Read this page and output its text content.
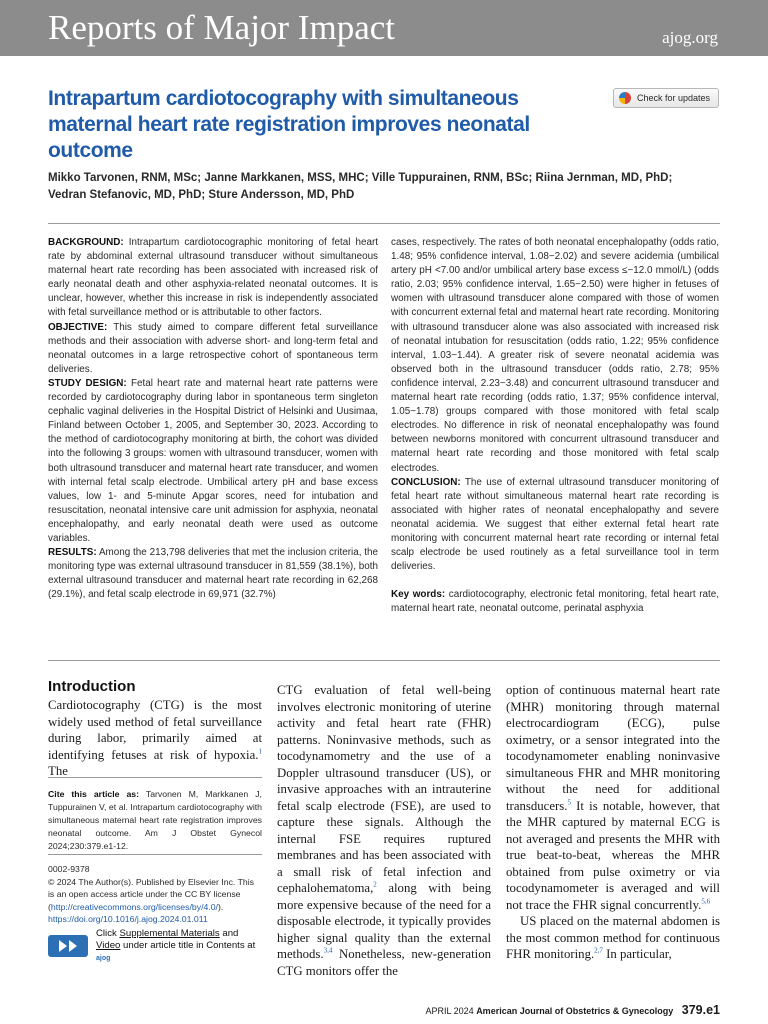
Reports of Major Impact	ajog.org
Intrapartum cardiotocography with simultaneous maternal heart rate registration improves neonatal outcome
Check for updates
Mikko Tarvonen, RNM, MSc; Janne Markkanen, MSS, MHC; Ville Tuppurainen, RNM, BSc; Riina Jernman, MD, PhD; Vedran Stefanovic, MD, PhD; Sture Andersson, MD, PhD

BACKGROUND: Intrapartum cardiotocographic monitoring of fetal heart rate by abdominal external ultrasound transducer without simultaneous maternal heart rate recording has been associated with increased risk of early neonatal death and other asphyxia-related neonatal outcomes. It is unclear, however, whether this increase in risk is independently associated with fetal surveillance method or is attributable to other factors.

OBJECTIVE: This study aimed to compare different fetal surveillance methods and their association with adverse short- and long-term fetal and neonatal outcomes in a large retrospective cohort of spontaneous term deliveries.

STUDY DESIGN: Fetal heart rate and maternal heart rate patterns were recorded by cardiotocography during labor in spontaneous term singleton cephalic vaginal deliveries in the Hospital District of Helsinki and Uusimaa, Finland between October 1, 2005, and September 30, 2023. According to the method of cardiotocography monitoring at birth, the cohort was divided into the following 3 groups: women with ultrasound transducer, women with both ultrasound transducer and maternal heart rate transducer, and women with internal fetal scalp electrode. Umbilical artery pH and base excess values, low 1- and 5-minute Apgar scores, need for intubation and resuscitation, neonatal intensive care unit admission for asphyxia, neonatal encephalopathy, and early neonatal death were used as outcome variables.

RESULTS: Among the 213,798 deliveries that met the inclusion criteria, the monitoring type was external ultrasound transducer in 81,559 (38.1%), both external ultrasound transducer and maternal heart rate recording in 62,268 (29.1%), and fetal scalp electrode in 69,971 (32.7%)

cases, respectively. The rates of both neonatal encephalopathy (odds ratio, 1.48; 95% confidence interval, 1.08−2.02) and severe acidemia (umbilical artery pH <7.00 and/or umbilical artery base excess ≤−12.0 mmol/L) (odds ratio, 2.03; 95% confidence interval, 1.65−2.50) were higher in fetuses of women with ultrasound transducer alone compared with those of women with concurrent external fetal and maternal heart rate recording. Monitoring with ultrasound transducer alone was also associated with increased risk of neonatal intubation for resuscitation (odds ratio, 1.22; 95% confidence interval, 1.03−1.44). A greater risk of severe neonatal acidemia was observed both in the ultrasound transducer (odds ratio, 2.78; 95% confidence interval, 2.23−3.48) and concurrent ultrasound transducer and maternal heart rate recording (odds ratio, 1.37; 95% confidence interval, 1.05−1.78) groups compared with those monitored with fetal scalp electrodes. No difference in risk of neonatal encephalopathy was found between newborns monitored with concurrent ultrasound transducer and maternal heart rate recording and those monitored with fetal scalp electrodes.

CONCLUSION: The use of external ultrasound transducer monitoring of fetal heart rate without simultaneous maternal heart rate recording is associated with higher rates of neonatal encephalopathy and severe neonatal acidemia. We suggest that either external fetal heart rate monitoring with concurrent maternal heart rate recording or internal fetal scalp electrode be used routinely as a fetal surveillance tool in term deliveries.

Key words: cardiotocography, electronic fetal monitoring, fetal heart rate, maternal heart rate, neonatal outcome, perinatal asphyxia

Introduction

Cardiotocography (CTG) is the most widely used method of fetal surveillance during labor, primarily aimed at identifying fetuses at risk of hypoxia.$^1$ The

Cite this article as: Tarvonen M, Markkanen J, Tuppurainen V, et al. Intrapartum cardiotocography with simultaneous maternal heart rate registration improves neonatal outcome. Am J Obstet Gynecol 2024;230:379.e1-12.
0002-9378
© 2024 The Author(s). Published by Elsevier Inc. This is an open access article under the CC BY license (http://creativecommons.org/licenses/by/4.0/).
https://doi.org/10.1016/j.ajog.2024.01.011
Click Supplemental Materials and
Video under article title in Contents at ajog

CTG evaluation of fetal well-being involves electronic monitoring of uterine activity and fetal heart rate (FHR) patterns. Noninvasive methods, such as tocodynamometry and the use of a Doppler ultrasound transducer (US), or invasive approaches with an intrauterine fetal scalp electrode (FSE), are used to capture these signals. Although the internal FSE requires ruptured membranes and has been associated with a small risk of fetal infection and cephalohematoma,$^2$ along with being more expensive because of the need for a disposable electrode, it typically provides higher signal quality than the external methods.$^{3,4}$ Nonetheless, new-generation CTG monitors offer the

option of continuous maternal heart rate (MHR) monitoring through maternal electrocardiogram (ECG), pulse oximetry, or a sensor integrated into the tocodynamometer enabling noninvasive simultaneous FHR and MHR monitoring without the need for additional transducers.$^5$ It is notable, however, that the MHR captured by maternal ECG is not averaged and presents the MHR with true beat-to-beat, whereas the MHR obtained from pulse oximetry or via tocodynamometer is averaged and will not trace the FHR signal concurrently.$^{5,6}$

US placed on the maternal abdomen is the most common method for continuous FHR monitoring.$^{2,7}$ In particular,

APRIL 2024 American Journal of Obstetrics & Gynecology 379.e1
